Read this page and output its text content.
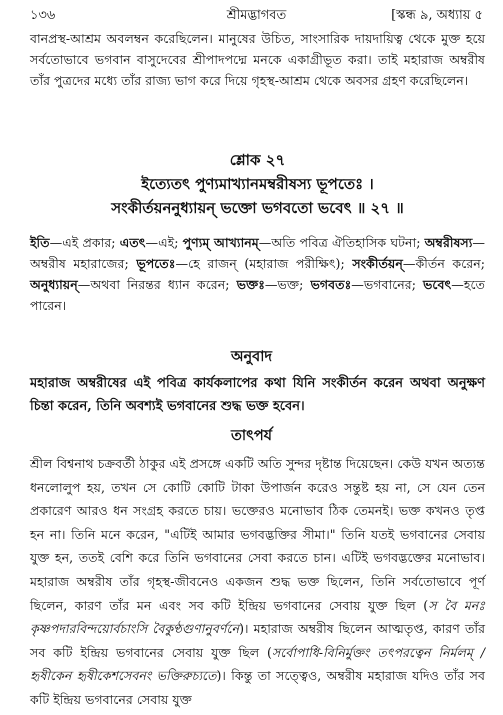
১৩৬	শ্রীমদ্ভাগবত	[স্কন্ধ ৯, অধ্যায় ৫
বানপ্রস্থ-আশ্রম অবলম্বন করেছিলেন। মানুষের উচিত, সাংসারিক দায়দায়িত্ব থেকে মুক্ত হয়ে সর্বতোভাবে ভগবান বাসুদেবের শ্রীপাদপদ্মে মনকে একাগ্রীভূত করা। তাই মহারাজ অম্বরীষ তাঁর পুত্রদের মধ্যে তাঁর রাজ্য ভাগ করে দিয়ে গৃহস্থ-আশ্রম থেকে অবসর গ্রহণ করেছিলেন।
শ্লোক ২৭
ইত্যেতৎ পুণ্যমাখ্যানমম্বরীষস্য ভূপতেঃ ।
সংকীর্তয়ননুধ্যায়ন্ ভক্তো ভগবতো ভবেৎ ॥ ২৭ ॥
ইতি—এই প্রকার; এতৎ—এই; পুণ্যম্ আখ্যানম্—অতি পবিত্র ঐতিহাসিক ঘটনা; অম্বরীষস্য—অম্বরীষ মহারাজের; ভূপতেঃ—হে রাজন্ (মহারাজ পরীক্ষিৎ); সংকীর্তয়ন্—কীর্তন করেন; অনুধ্যায়ন্—অথবা নিরন্তর ধ্যান করেন; ভক্তঃ—ভক্ত; ভগবতঃ—ভগবানের; ভবেৎ—হতে পারেন।
অনুবাদ
মহারাজ অম্বরীষের এই পবিত্র কার্যকলাপের কথা যিনি সংকীর্তন করেন অথবা অনুক্ষণ চিন্তা করেন, তিনি অবশ্যই ভগবানের শুদ্ধ ভক্ত হবেন।
তাৎপর্য
শ্রীল বিশ্বনাথ চক্রবর্তী ঠাকুর এই প্রসঙ্গে একটি অতি সুন্দর দৃষ্টান্ত দিয়েছেন। কেউ যখন অত্যন্ত ধনলোলুপ হয়, তখন সে কোটি কোটি টাকা উপার্জন করেও সন্তুষ্ট হয় না, সে যেন তেন প্রকারেণ আরও ধন সংগ্রহ করতে চায়। ভক্তেরও মনোভাব ঠিক তেমনই। ভক্ত কখনও তৃপ্ত হন না। তিনি মনে করেন, "এটিই আমার ভগবদ্ভক্তির সীমা।" তিনি যতই ভগবানের সেবায় যুক্ত হন, ততই বেশি করে তিনি ভগবানের সেবা করতে চান। এটিই ভগবদ্ভক্তের মনোভাব। মহারাজ অম্বরীষ তাঁর গৃহস্থ-জীবনেও একজন শুদ্ধ ভক্ত ছিলেন, তিনি সর্বতোভাবে পূর্ণ ছিলেন, কারণ তাঁর মন এবং সব কটি ইন্দ্রিয় ভগবানের সেবায় যুক্ত ছিল (স বৈ মনঃ কৃষ্ণপদারবিন্দয়োর্বচাংসি বৈকুণ্ঠগুণানুবর্ণনে)। মহারাজ অম্বরীষ ছিলেন আত্মতৃপ্ত, কারণ তাঁর সব কটি ইন্দ্রিয় ভগবানের সেবায় যুক্ত ছিল (সর্বোপাধি-বিনির্মুক্তং তৎপরত্বেন নির্মলম্ / হৃষীকেন হৃষীকেশসেবনং ভক্তিরুচ্যতে)। কিন্তু তা সত্ত্বেও, অম্বরীষ মহারাজ যদিও তাঁর সব কটি ইন্দ্রিয় ভগবানের সেবায় যুক্ত
